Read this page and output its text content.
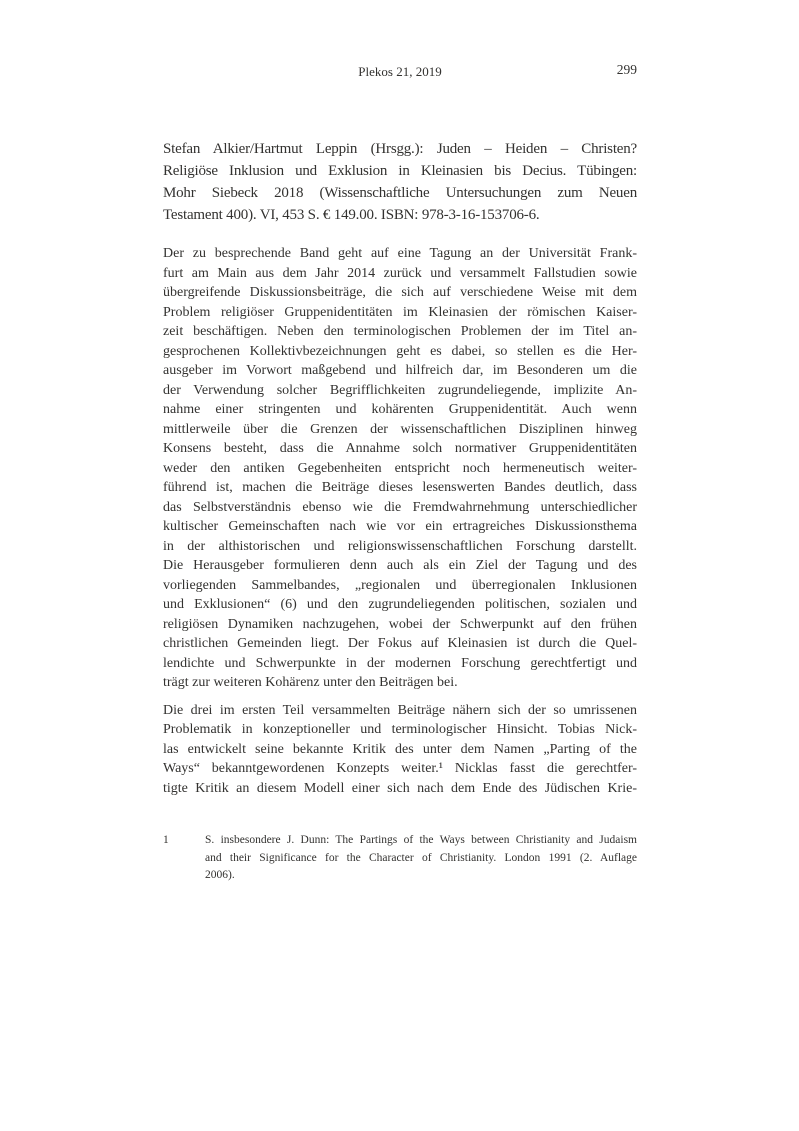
Plekos 21, 2019	299
Stefan Alkier/Hartmut Leppin (Hrsgg.): Juden – Heiden – Christen?
Religiöse Inklusion und Exklusion in Kleinasien bis Decius. Tübingen:
Mohr Siebeck 2018 (Wissenschaftliche Untersuchungen zum Neuen
Testament 400). VI, 453 S. € 149.00. ISBN: 978-3-16-153706-6.
Der zu besprechende Band geht auf eine Tagung an der Universität Frank-
furt am Main aus dem Jahr 2014 zurück und versammelt Fallstudien sowie
übergreifende Diskussionsbeiträge, die sich auf verschiedene Weise mit dem
Problem religiöser Gruppenidentitäten im Kleinasien der römischen Kaiser-
zeit beschäftigen. Neben den terminologischen Problemen der im Titel an-
gesprochenen Kollektivbezeichnungen geht es dabei, so stellen es die Her-
ausgeber im Vorwort maßgebend und hilfreich dar, im Besonderen um die
der Verwendung solcher Begrifflichkeiten zugrundeliegende, implizite An-
nahme einer stringenten und kohärenten Gruppenidentität. Auch wenn
mittlerweile über die Grenzen der wissenschaftlichen Disziplinen hinweg
Konsens besteht, dass die Annahme solch normativer Gruppenidentitäten
weder den antiken Gegebenheiten entspricht noch hermeneutisch weiter-
führend ist, machen die Beiträge dieses lesenswerten Bandes deutlich, dass
das Selbstverständnis ebenso wie die Fremdwahrnehmung unterschiedlicher
kultischer Gemeinschaften nach wie vor ein ertragreiches Diskussionsthema
in der althistorischen und religionswissenschaftlichen Forschung darstellt.
Die Herausgeber formulieren denn auch als ein Ziel der Tagung und des
vorliegenden Sammelbandes, „regionalen und überregionalen Inklusionen
und Exklusionen“ (6) und den zugrundeliegenden politischen, sozialen und
religiösen Dynamiken nachzugehen, wobei der Schwerpunkt auf den frühen
christlichen Gemeinden liegt. Der Fokus auf Kleinasien ist durch die Quel-
lendichte und Schwerpunkte in der modernen Forschung gerechtfertigt und
trägt zur weiteren Kohärenz unter den Beiträgen bei.
Die drei im ersten Teil versammelten Beiträge nähern sich der so umrissenen
Problematik in konzeptioneller und terminologischer Hinsicht. Tobias Nick-
las entwickelt seine bekannte Kritik des unter dem Namen „Parting of the
Ways“ bekanntgewordenen Konzepts weiter.¹ Nicklas fasst die gerechtfer-
tigte Kritik an diesem Modell einer sich nach dem Ende des Jüdischen Krie-
1	S. insbesondere J. Dunn: The Partings of the Ways between Christianity and Judaism
and their Significance for the Character of Christianity. London 1991 (2. Auflage
2006).
